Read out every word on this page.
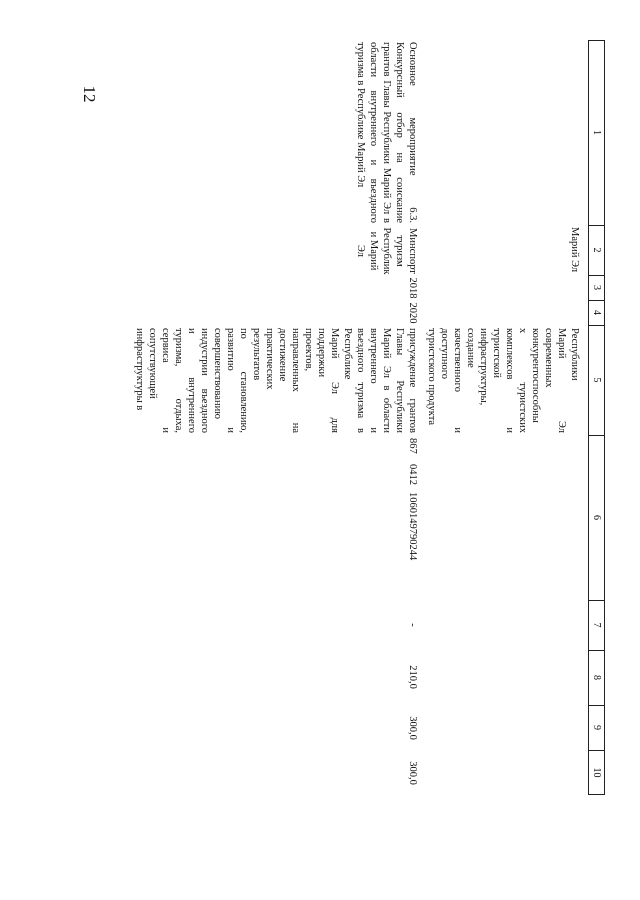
12
1
2
3
4
5
6
7
8
9
10
Марий Эл
Республики
Марий Эл
современных
конкурентоспособны
х туристских
комплексов и
туристской
инфраструктуры,
создание
качественного и
доступного
туристского продукта
Основное мероприятие 6.3. Конкурсный отбор на соискание грантов Главы Республики Марий Эл в области внутреннего и въездного туризма в Республике Марий Эл
Минспорт туризм Республики Марий Эл
2018
2020
присуждение грантов
Главы Республики
Марий Эл в области
внутреннего и
въездного туризма в
Республике
Марий Эл для
поддержки
проектов,
направленных на
достижение
практических
результатов
по становлению,
развитию и
совершенствованию
индустрии въездного
и внутреннего
туризма, отдыха,
сервиса и
сопутствующей
инфраструктуры в
867
0412
1060149790244
-
210,0
300,0
300,0
